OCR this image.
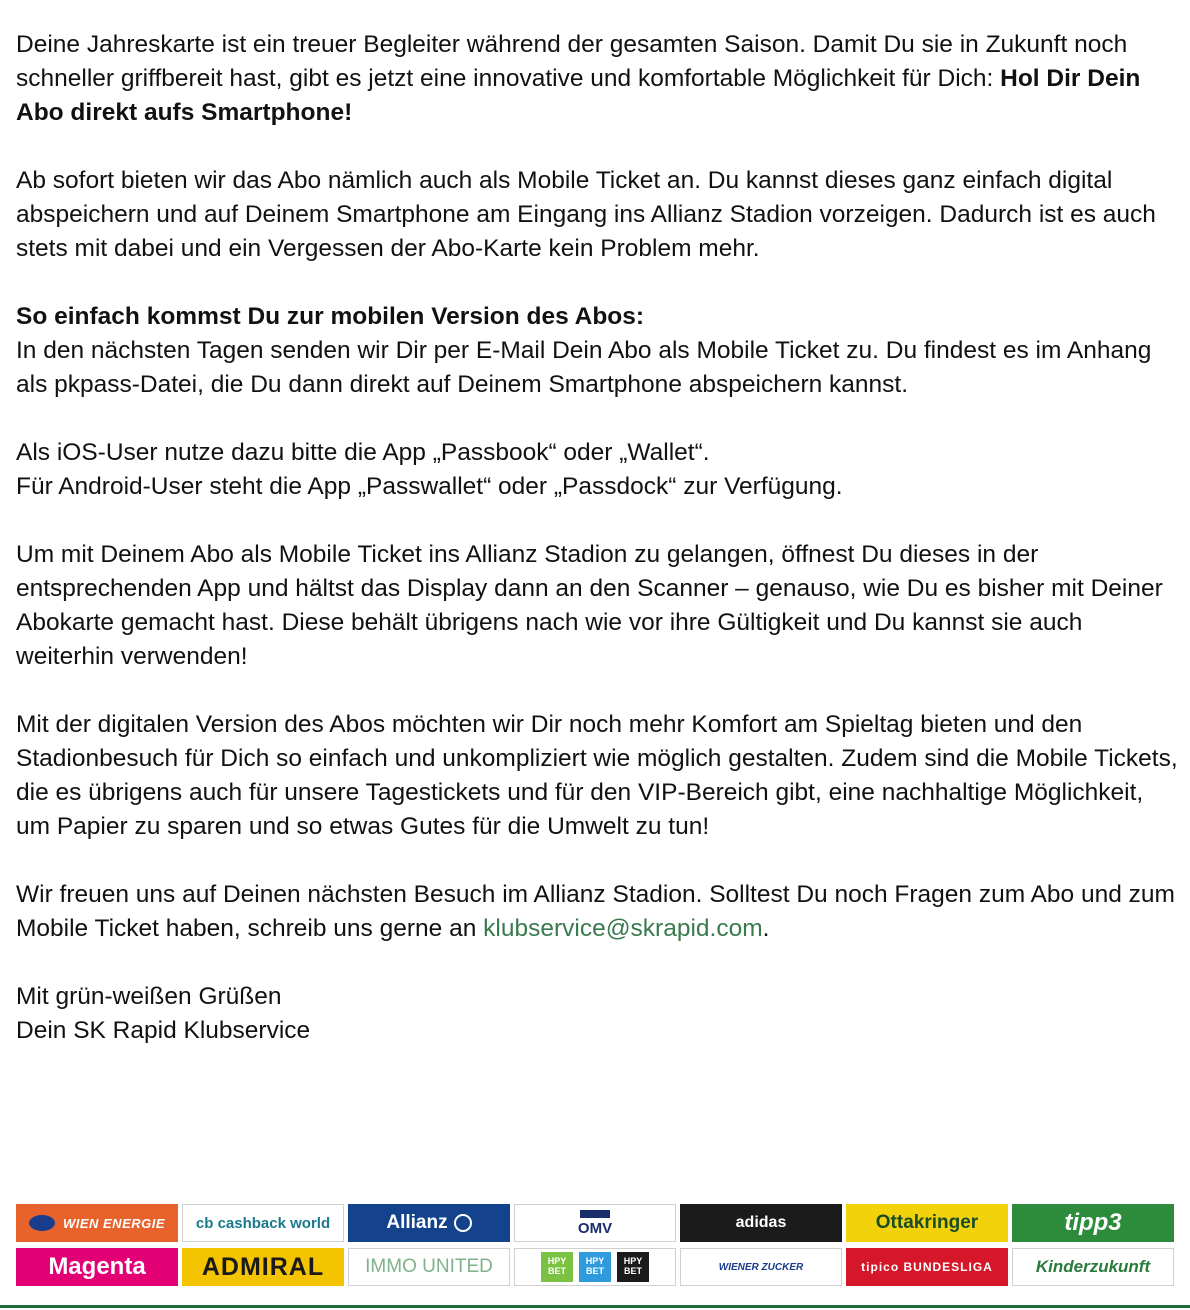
Deine Jahreskarte ist ein treuer Begleiter während der gesamten Saison. Damit Du sie in Zukunft noch schneller griffbereit hast, gibt es jetzt eine innovative und komfortable Möglichkeit für Dich: Hol Dir Dein Abo direkt aufs Smartphone!

Ab sofort bieten wir das Abo nämlich auch als Mobile Ticket an. Du kannst dieses ganz einfach digital abspeichern und auf Deinem Smartphone am Eingang ins Allianz Stadion vorzeigen. Dadurch ist es auch stets mit dabei und ein Vergessen der Abo-Karte kein Problem mehr.

So einfach kommst Du zur mobilen Version des Abos:
In den nächsten Tagen senden wir Dir per E-Mail Dein Abo als Mobile Ticket zu. Du findest es im Anhang als pkpass-Datei, die Du dann direkt auf Deinem Smartphone abspeichern kannst.

Als iOS-User nutze dazu bitte die App „Passbook“ oder „Wallet“.
Für Android-User steht die App „Passwallet“ oder „Passdock“ zur Verfügung.

Um mit Deinem Abo als Mobile Ticket ins Allianz Stadion zu gelangen, öffnest Du dieses in der entsprechenden App und hältst das Display dann an den Scanner – genauso, wie Du es bisher mit Deiner Abokarte gemacht hast. Diese behält übrigens nach wie vor ihre Gültigkeit und Du kannst sie auch weiterhin verwenden!

Mit der digitalen Version des Abos möchten wir Dir noch mehr Komfort am Spieltag bieten und den Stadionbesuch für Dich so einfach und unkompliziert wie möglich gestalten. Zudem sind die Mobile Tickets, die es übrigens auch für unsere Tagestickets und für den VIP-Bereich gibt, eine nachhaltige Möglichkeit, um Papier zu sparen und so etwas Gutes für die Umwelt zu tun!

Wir freuen uns auf Deinen nächsten Besuch im Allianz Stadion. Solltest Du noch Fragen zum Abo und zum Mobile Ticket haben, schreib uns gerne an klubservice@skrapid.com.

Mit grün-weißen Grüßen
Dein SK Rapid Klubservice

WIEN ENERGIE cb cashback world	Allianz	OMV	adidas	Ottakringer	tipp3
Magenta ADMIRAL IMMO UNITED	HPY BET
HPY BET
HPY BET	WIENER ZUCKER	tipico BUNDESLIGA	Kinderzukunft
